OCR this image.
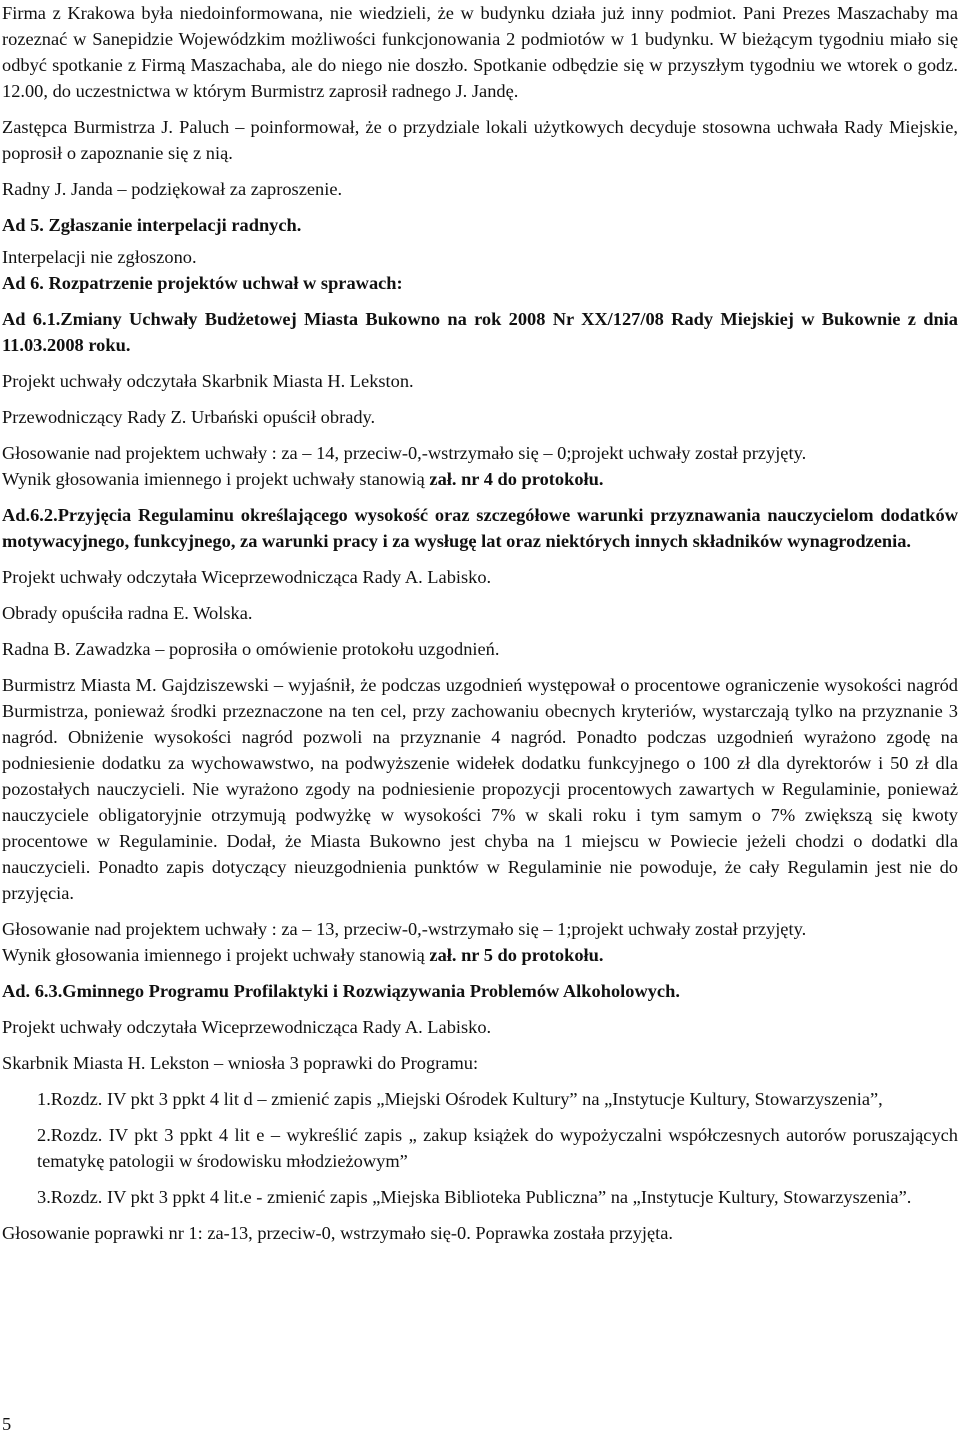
Firma z Krakowa była niedoinformowana, nie wiedzieli, że w budynku działa już inny podmiot. Pani Prezes Maszachaby ma rozeznać w Sanepidzie Wojewódzkim możliwości funkcjonowania 2 podmiotów w 1 budynku. W bieżącym tygodniu miało się odbyć spotkanie z Firmą Maszachaba, ale do niego nie doszło. Spotkanie odbędzie się w przyszłym tygodniu we wtorek o godz. 12.00, do uczestnictwa w którym Burmistrz zaprosił radnego J. Jandę.

Zastępca Burmistrza J. Paluch – poinformował, że o przydziale lokali użytkowych decyduje stosowna uchwała Rady Miejskie, poprosił o zapoznanie się z nią.

Radny J. Janda – podziękował za zaproszenie.

Ad 5. Zgłaszanie interpelacji radnych.

Interpelacji nie zgłoszono.

Ad 6. Rozpatrzenie projektów uchwał w sprawach:

Ad 6.1.Zmiany Uchwały Budżetowej Miasta Bukowno na rok 2008 Nr XX/127/08 Rady Miejskiej w Bukownie z dnia 11.03.2008 roku.

Projekt uchwały odczytała Skarbnik Miasta H. Lekston.

Przewodniczący Rady Z. Urbański opuścił obrady.

Głosowanie nad projektem uchwały : za – 14, przeciw-0,-wstrzymało się – 0;projekt uchwały został przyjęty.

Wynik głosowania imiennego i projekt uchwały stanowią zał. nr 4 do protokołu.

Ad.6.2.Przyjęcia Regulaminu określającego wysokość oraz szczegółowe warunki przyznawania nauczycielom dodatków motywacyjnego, funkcyjnego, za warunki pracy i za wysługę lat oraz niektórych innych składników wynagrodzenia.

Projekt uchwały odczytała Wiceprzewodnicząca Rady A. Labisko.

Obrady opuściła radna E. Wolska.

Radna B. Zawadzka – poprosiła o omówienie protokołu uzgodnień.

Burmistrz Miasta M. Gajdziszewski – wyjaśnił, że podczas uzgodnień występował o procentowe ograniczenie wysokości nagród Burmistrza, ponieważ środki przeznaczone na ten cel, przy zachowaniu obecnych kryteriów, wystarczają tylko na przyznanie 3 nagród. Obniżenie wysokości nagród pozwoli na przyznanie 4 nagród. Ponadto podczas uzgodnień wyrażono zgodę na podniesienie dodatku za wychowawstwo, na podwyższenie widełek dodatku funkcyjnego o 100 zł dla dyrektorów i 50 zł dla pozostałych nauczycieli. Nie wyrażono zgody na podniesienie propozycji procentowych zawartych w Regulaminie, ponieważ nauczyciele obligatoryjnie otrzymują podwyżkę w wysokości 7% w skali roku i tym samym o 7% zwiększą się kwoty procentowe w Regulaminie. Dodał, że Miasta Bukowno jest chyba na 1 miejscu w Powiecie jeżeli chodzi o dodatki dla nauczycieli. Ponadto zapis dotyczący nieuzgodnienia punktów w Regulaminie nie powoduje, że cały Regulamin jest nie do przyjęcia.

Głosowanie nad projektem uchwały : za – 13, przeciw-0,-wstrzymało się – 1;projekt uchwały został przyjęty.

Wynik głosowania imiennego i projekt uchwały stanowią zał. nr 5 do protokołu.

Ad. 6.3.Gminnego Programu Profilaktyki i Rozwiązywania Problemów Alkoholowych.

Projekt uchwały odczytała Wiceprzewodnicząca Rady A. Labisko.

Skarbnik Miasta H. Lekston – wniosła 3 poprawki do Programu:

1.Rozdz. IV pkt 3 ppkt 4 lit d – zmienić zapis „Miejski Ośrodek Kultury” na „Instytucje Kultury, Stowarzyszenia”,

2.Rozdz. IV pkt 3 ppkt 4 lit e – wykreślić zapis „ zakup książek do wypożyczalni współczesnych autorów poruszających tematykę patologii w środowisku młodzieżowym”

3.Rozdz. IV pkt 3 ppkt 4 lit.e - zmienić zapis „Miejska Biblioteka Publiczna” na „Instytucje Kultury, Stowarzyszenia”.

Głosowanie poprawki nr 1: za-13, przeciw-0, wstrzymało się-0. Poprawka została przyjęta.

5
